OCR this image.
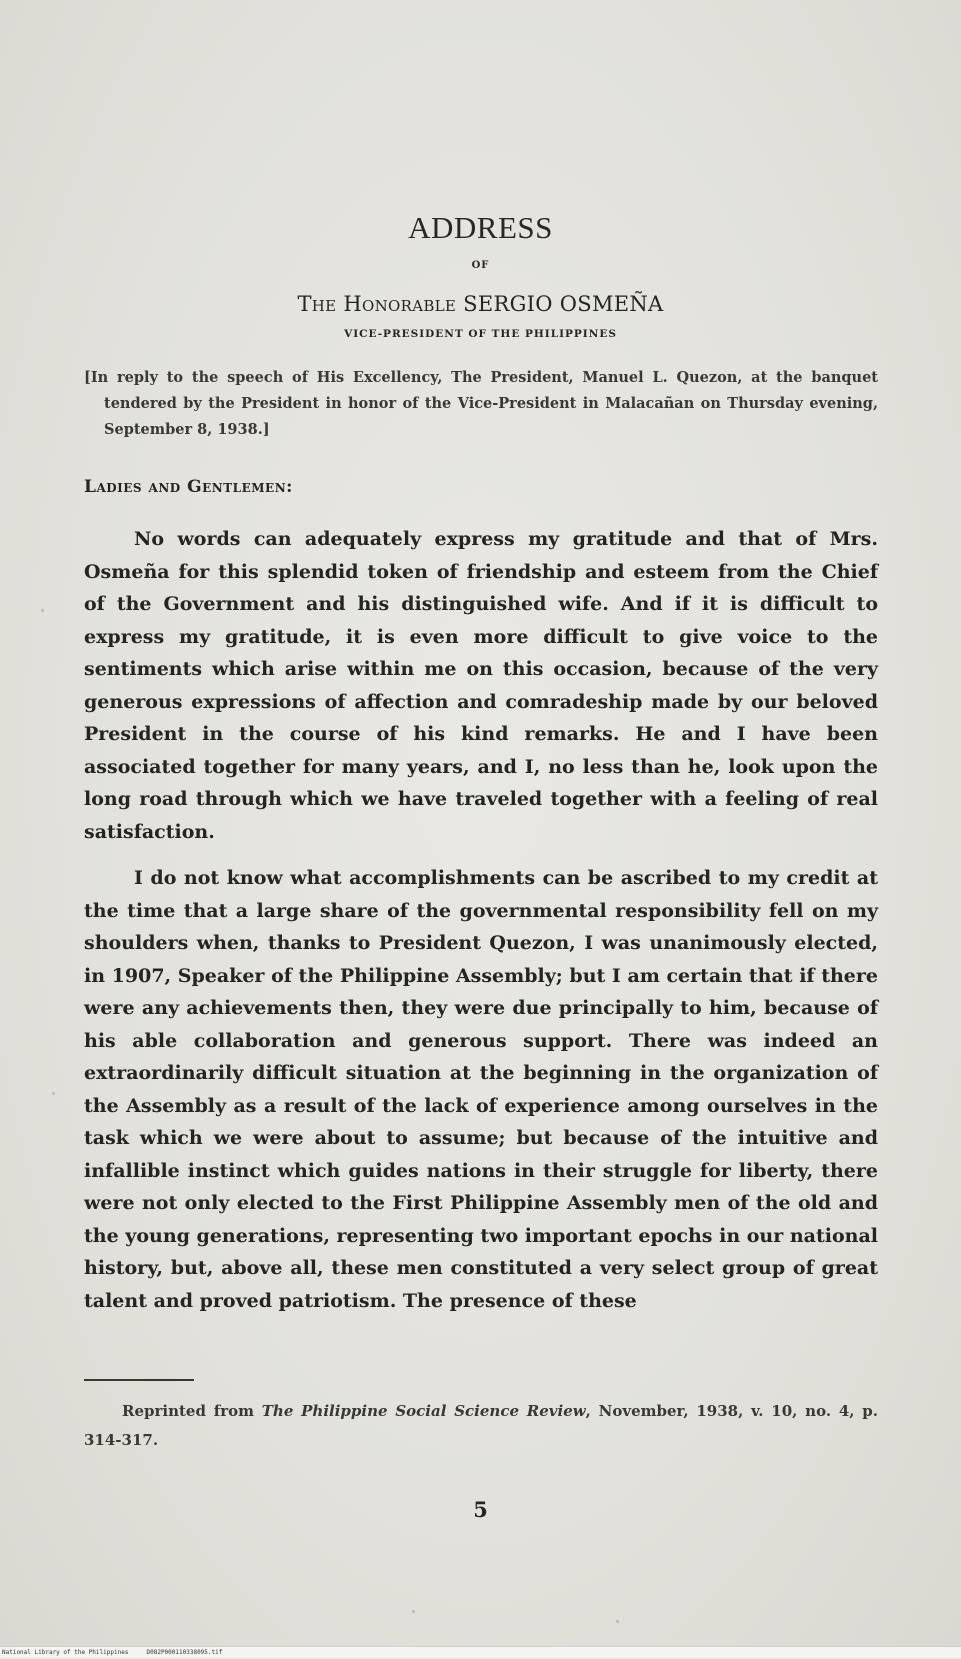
ADDRESS
OF
The Honorable SERGIO OSMEÑA
VICE-PRESIDENT OF THE PHILIPPINES

[In reply to the speech of His Excellency, The President, Manuel L. Quezon, at the banquet tendered by the President in honor of the Vice-President in Malacañan on Thursday evening, September 8, 1938.]

Ladies and Gentlemen:

No words can adequately express my gratitude and that of Mrs. Osmeña for this splendid token of friendship and esteem from the Chief of the Government and his distinguished wife. And if it is difficult to express my gratitude, it is even more difficult to give voice to the sentiments which arise within me on this occasion, because of the very generous expressions of affection and comradeship made by our beloved President in the course of his kind remarks. He and I have been associated together for many years, and I, no less than he, look upon the long road through which we have traveled together with a feeling of real satisfaction.

I do not know what accomplishments can be ascribed to my credit at the time that a large share of the governmental responsibility fell on my shoulders when, thanks to President Quezon, I was unanimously elected, in 1907, Speaker of the Philippine Assembly; but I am certain that if there were any achievements then, they were due principally to him, because of his able collaboration and generous support. There was indeed an extraordinarily difficult situation at the beginning in the organization of the Assembly as a result of the lack of experience among ourselves in the task which we were about to assume; but because of the intuitive and infallible instinct which guides nations in their struggle for liberty, there were not only elected to the First Philippine Assembly men of the old and the young generations, representing two important epochs in our national history, but, above all, these men constituted a very select group of great talent and proved patriotism. The presence of these

Reprinted from The Philippine Social Science Review, November, 1938, v. 10, no. 4, p. 314-317.

5
National Library of the Philippines     D082P000110338095.tif
